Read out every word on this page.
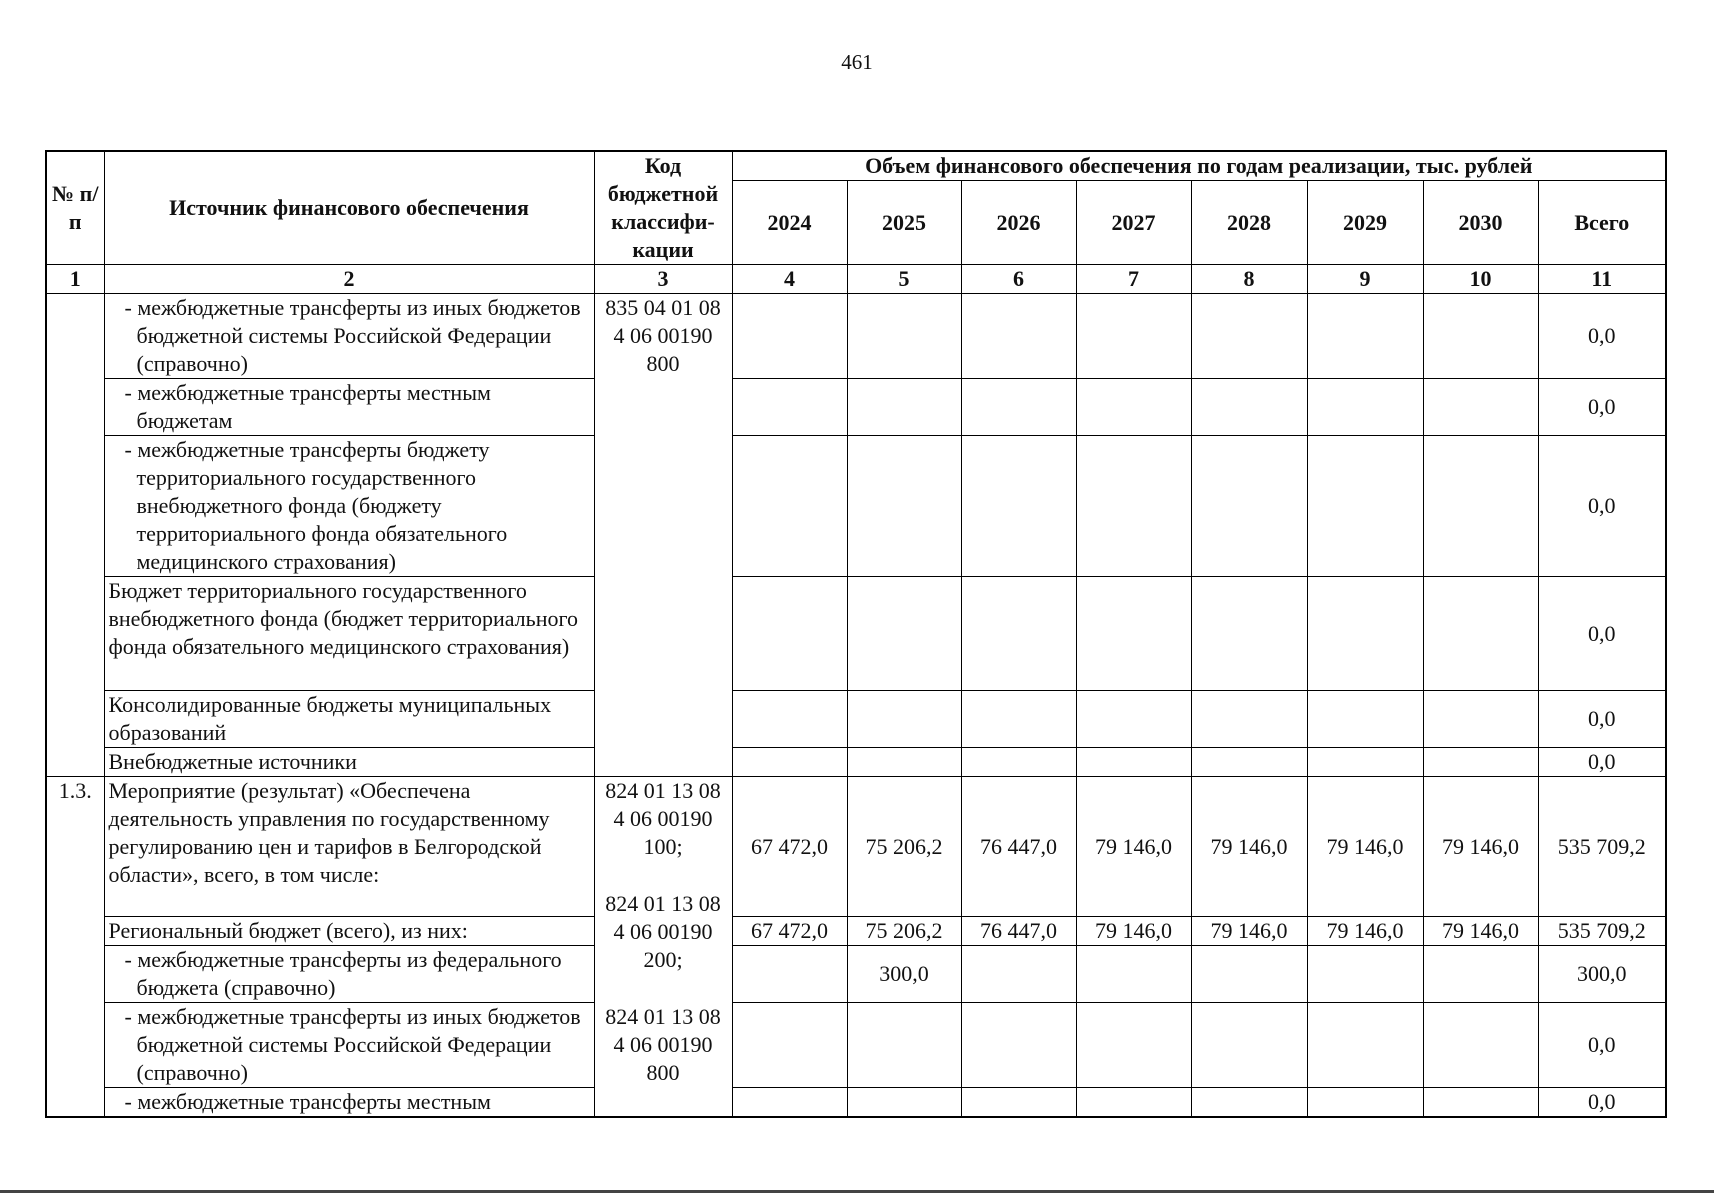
461
№ п/п	Источник финансового обеспечения	Код бюджетной классифи-кации	Объем финансового обеспечения по годам реализации, тыс. рублей							
			2024	2025	2026	2027	2028	2029	2030	Всего
1	2	3	4	5	6	7	8	9	10	11
	- межбюджетные трансферты из иных бюджетов бюджетной системы Российской Федерации (справочно)	835 04 01 08 4 06 00190 800								0,0
	- межбюджетные трансферты местным бюджетам									0,0
	- межбюджетные трансферты бюджету территориального государственного внебюджетного фонда (бюджету территориального фонда обязательного медицинского страхования)									0,0
	Бюджет территориального государственного внебюджетного фонда (бюджет территориального фонда обязательного медицинского страхования)									0,0
	Консолидированные бюджеты муниципальных образований									0,0
	Внебюджетные источники									0,0
1.3.	Мероприятие (результат) «Обеспечена деятельность управления по государственному регулированию цен и тарифов в Белгородской области», всего, в том числе:	824 01 13 08 4 06 00190 100;  824 01 13 08 4 06 00190 200;  824 01 13 08 4 06 00190 800	67 472,0	75 206,2	76 447,0	79 146,0	79 146,0	79 146,0	79 146,0	535 709,2
	Региональный бюджет (всего), из них:		67 472,0	75 206,2	76 447,0	79 146,0	79 146,0	79 146,0	79 146,0	535 709,2
	- межбюджетные трансферты из федерального бюджета (справочно)			300,0						300,0
	- межбюджетные трансферты из иных бюджетов бюджетной системы Российской Федерации (справочно)									0,0
	- межбюджетные трансферты местным									0,0
